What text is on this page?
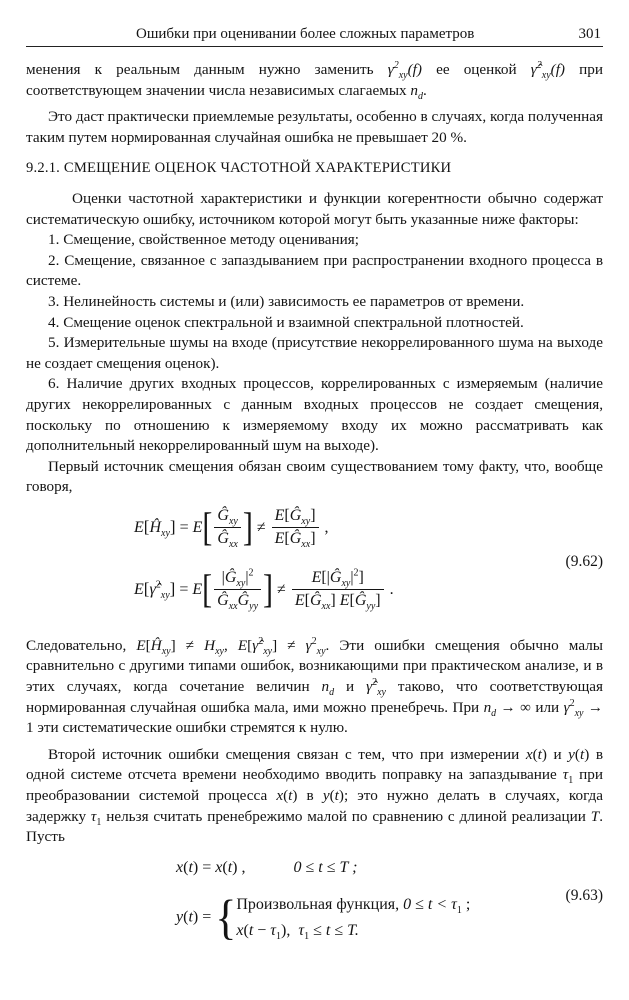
Ошибки при оценивании более сложных параметров	301

менения к реальным данным нужно заменить $\gamma^2_{xy}(f)$ ее оценкой γ̂$^2_{xy}$(f) при соответствующем значении числа независимых слагаемых $n_d$.

Это даст практически приемлемые результаты, особенно в случаях, когда полученная таким путем нормированная случайная ошибка не превышает 20 %.

9.2.1. СМЕЩЕНИЕ ОЦЕНОК ЧАСТОТНОЙ ХАРАКТЕРИСТИКИ

Оценки частотной характеристики и функции когерентности обычно содержат систематическую ошибку, источником которой могут быть указанные ниже факторы:

1. Смещение, свойственное методу оценивания;

2. Смещение, связанное с запаздыванием при распространении входного процесса в системе.

3. Нелинейность системы и (или) зависимость ее параметров от времени.

4. Смещение оценок спектральной и взаимной спектральной плотностей.

5. Измерительные шумы на входе (присутствие некоррелированного шума на выходе не создает смещения оценок).

6. Наличие других входных процессов, коррелированных с измеряемым (наличие других некоррелированных с данным входных процессов не создает смещения, поскольку по отношению к измеряемому входу их можно рассматривать как дополнительный некоррелированный шум на выходе).

Первый источник смещения обязан своим существованием тому факту, что, вообще говоря,

$E[Ĥ_{xy}] = E[ \frac{Ĝ_{xy}}{Ĝ_{xx}}$ ] ≠ $\frac{E[Ĝ_{xy}]}{E[Ĝ_{xx}]}$ ,
E[γ̂$^2_{xy}$] = $E[ \frac{|Ĝ_{xy}|^2}{Ĝ_{xx}Ĝ_{yy}}$ ] ≠ $\frac{E[|Ĝ_{xy}|^2]}{E[Ĝ_{xx}] E[Ĝ_{yy}]}$ .
(9.62)

Следовательно, $E[Ĥ_{xy}] \ne H_{xy}$, E[γ̂$^2_{xy}$] ≠ $\gamma^2_{xy}$. Эти ошибки смещения обычно малы сравнительно с другими типами ошибок, возникающими при практическом анализе, и в этих случаях, когда сочетание величин $n_d$ и γ̂$^2_{xy}$ таково, что соответствующая нормированная случайная ошибка мала, ими можно пренебречь. При $n_d$ → ∞ или $\gamma^2_{xy} \to 1$ эти систематические ошибки стремятся к нулю.

Второй источник ошибки смещения связан с тем, что при измерении x(t) и y(t) в одной системе отсчета времени необходимо вводить поправку на запаздывание $\tau_1$ при преобразовании системой процесса x(t) в y(t); это нужно делать в случаях, когда задержку $\tau_1$ нельзя считать пренебрежимо малой по сравнению с длиной реализации T. Пусть

x(t) = x(t) ,	0 ≤ t ≤ T ;
y(t) = { Произвольная функция, $0 \le t < \tau_1$ ;
$x(t - \tau_1)$,  $\tau_1 \le t \le T$.
(9.63)
